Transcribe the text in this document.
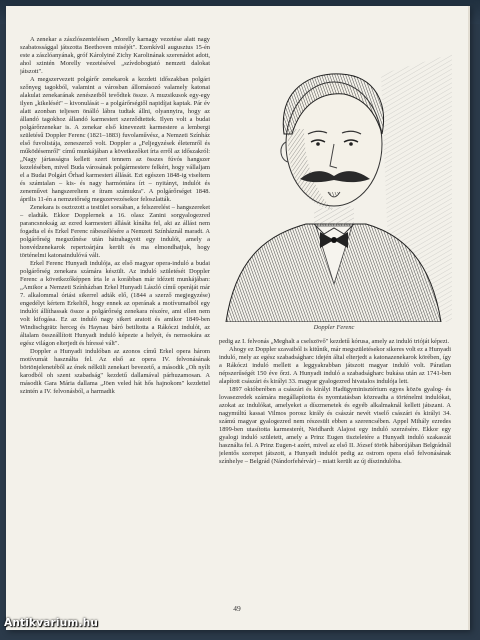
A zenekar a zászlószentelésen „Morelly karnagy vezetése alatt nagy szabatossággal játszotta Beethoven miséjét". Ezenkívül augusztus 15-én este a zászlóanyának, gróf Károlyiné Zichy Karolinának szerenádot adott, ahol szintén Morelly vezetésével „szívdobogtató nemzeti dalokat játszott".

A megszervezett polgárőr zenekarok a kezdeti időszakban polgári szőnyeg tagokból, valamint a városban állomásozó valamely katonai alakulat zenekarának zenészeiből tevődtek össze. A muzsikusok egy-egy ilyen „kikelését" – kivonulását – a polgárőrségtől napidíjat kaptak. Pár év alatt azonban teljesen önálló lábra tudtak állni, olyannyira, hogy az állandó tagokhoz állandó karmestert szerződtettek. Ilyen volt a budai polgárőrzenekar is. A zenekar első kinevezett karmestere a lembergi születésű Doppler Ferenc (1821–1883) fuvolaművész, a Nemzeti Színház első fuvolistája, zeneszerző volt. Doppler a „Feljegyzések életemről és működésemről" című munkájában a következőket írta erről az időszakról: „Nagy jártasságra kellett szert tennem az összes fúvós hangszer kezelésében, mivel Buda városának polgármestere felkért, hogy vállaljam el a Budai Polgári Őrhad karmesteri állását. Ezt egészen 1848-ig viseltem és számtalan – kis- és nagy harmóniára írt – nyitányt, indulót és zeneművet hangszereltem e ítram számukra". A polgárőrséget 1848. április 11-én a nemzetőrség megszervezésekor feloszlatták.

Zenekara is osztozott a testület sorsában, a felszerelést – hangszereket – eladták. Ekkor Dopplernek a 16. olasz Zanini sorgyalogezred parancsnokság az ezred karmesteri állását kínálta fel, aki az állást nem fogadta el és Erkel Ferenc rábeszélésére a Nemzeti Színháznál maradt. A polgárőrség megszűnése után hátrahagyott egy indulót, amely a honvédzenekarok repertoárjára került és ma elmondhatjuk, hogy történelmi katonaindulóvá vált.

Erkel Ferenc Hunyadi indulója, az első magyar opera-induló a budai polgárőrség zenekara számára készült. Az induló születését Doppler Ferenc a következőképpen írta le a korábban már idézett munkájában: „Amikor a Nemzeti Színházban Erkel Hunyadi László című operáját már 7. alkalommal óriási sikerrel adták elő, (1844 a szerző megjegyzése) engedélyt kértem Erkeltől, hogy ennek az operának a motívumaiból egy indulót állíthassak össze a polgárőrség zenekara részére, ami ellen nem volt kifogása. Ez az induló nagy sikert aratott és amikor 1849-ben Windischgrätz herceg és Haynau báró betiltotta a Rákóczi indulót, az általam összeállított Hunyadi induló képezte a helyét, és nemsokára az egész világon elterjedt és híressé vált".

Doppler a Hunyadi indulóban az azonos című Erkel opera három motívumát használta fel. Az első az opera IV. felvonásának börtönjelenetéből az ének nélküli zenekari bevezető, a második „Oh nyílt karodból oh szent szabadság" kezdetű dallamával párhuzamosan. A második Gara Mária dallama „Jöen veled hát hős hajnokom" kezdettel szintén a IV. felvonásból, a harmadik

Doppler Ferenc

pedig az I. felvonás „Meghalt a cselszövő" kezdetű kórusa, amely az induló trióját képezi.

Ahogy ez Doppler szavaiból is kitűnik, már megszületésekor sikeres volt ez a Hunyadi induló, mely az egész szabadságharc idején által elterjedt a katonazenekarok körében, így a Rákóczi induló mellett a leggyakrabban játszott magyar induló volt. Páratlan népszerűségét 150 éve őrzi. A Hunyadi induló a szabadságharc bukása után az 1741-ben alapított császári és királyi 33. magyar gyalogezred hivatalos indulója lett.

1897 októberében a császári és királyi Hadügyminisztérium egyes közös gyalog- és lovasezredek számára megállapította és nyomtatásban közreadta a történelmi indulókat, azokat az indulókat, amelyeket a díszmenetek és egyéb alkalmaknál kellett játszani. A nagymúltú kassai Vilmos porosz király és császár nevét viselő császári és királyi 34. számú magyar gyalogezred nem részesült ebben a szerencsében. Appel Mihály ezredes 1899-ben utasította karmesterét, Neidhardt Alajost egy induló szerzésére. Ekkor egy gyalogi induló született, amely a Prinz Eugen tiszteletére a Hunyadi induló szakaszát használta fel. A Prinz Eugen-t azért, mivel az első II. József török háborújában Belgrádnál jelentős szerepet játszott, a Hunyadi indulót pedig az ostrom opera első felvonásának színhelye – Belgrád (Nándorfehérvár) – miatt került az új díszindulóba.

49
Antikvarium.hu
